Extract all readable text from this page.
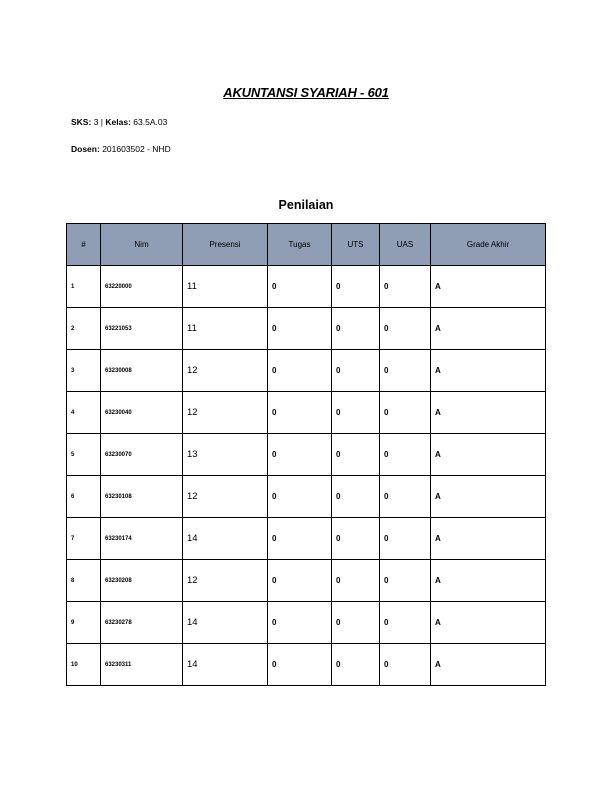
AKUNTANSI SYARIAH - 601
SKS: 3 | Kelas: 63.5A.03
Dosen: 201603502 - NHD
Penilaian
#	Nim	Presensi	Tugas	UTS	UAS	Grade Akhir
1	63220000	11	0	0	0	A
2	63221053	11	0	0	0	A
3	63230008	12	0	0	0	A
4	63230040	12	0	0	0	A
5	63230070	13	0	0	0	A
6	63230108	12	0	0	0	A
7	63230174	14	0	0	0	A
8	63230208	12	0	0	0	A
9	63230278	14	0	0	0	A
10	63230311	14	0	0	0	A
